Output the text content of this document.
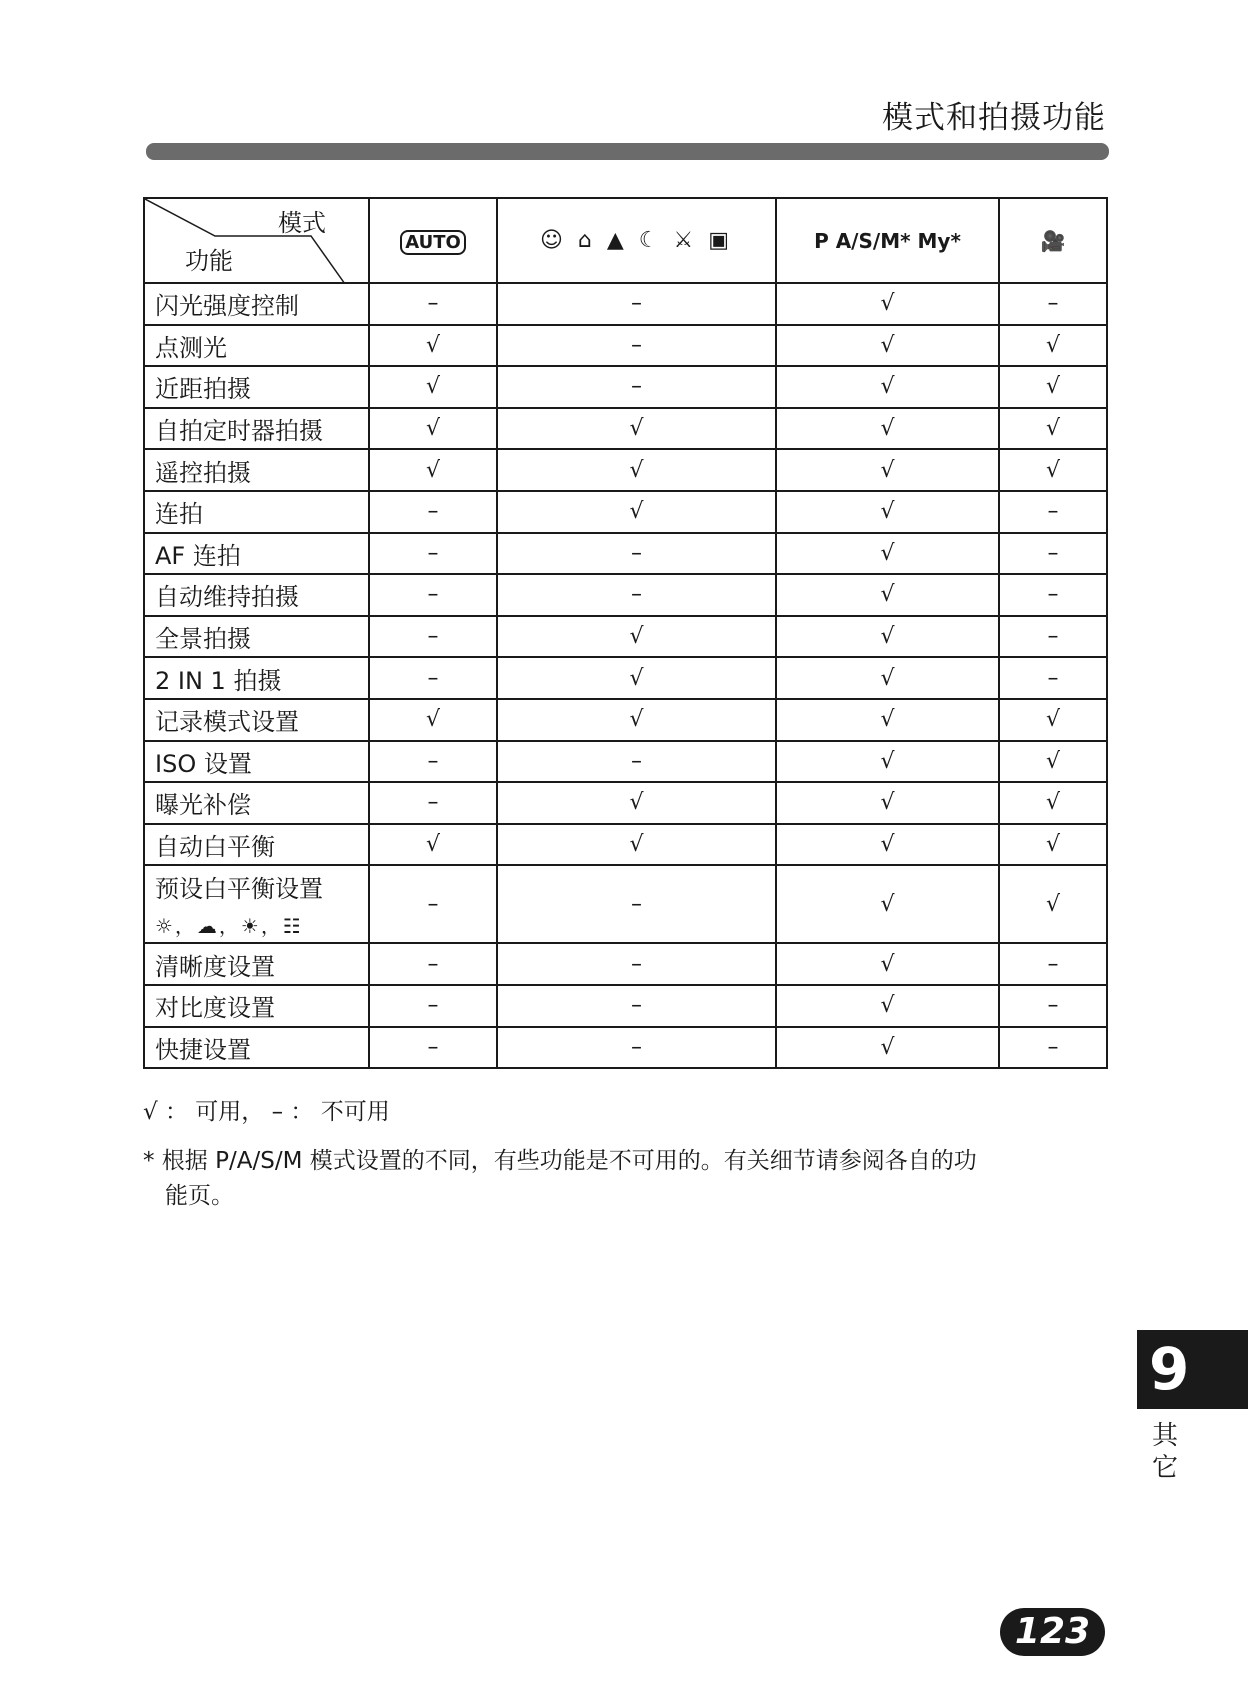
模式和拍摄功能
模式
功能	AUTO	☺ ⌂ ▲ ☾ ⚔ ▣	P A/S/M* My*	🎥
闪光强度控制	–	–	√	–
点测光	√	–	√	√
近距拍摄	√	–	√	√
自拍定时器拍摄	√	√	√	√
遥控拍摄	√	√	√	√
连拍	–	√	√	–
AF 连拍	–	–	√	–
自动维持拍摄	–	–	√	–
全景拍摄	–	√	√	–
2 IN 1 拍摄	–	√	√	–
记录模式设置	√	√	√	√
ISO 设置	–	–	√	√
曝光补偿	–	√	√	√
自动白平衡	√	√	√	√
预设白平衡设置
☼，☁，☀，☷	–	–	√	√
清晰度设置	–	–	√	–
对比度设置	–	–	√	–
快捷设置	–	–	√	–
√ ： 可用， – ： 不可用
* 根据 P/A/S/M 模式设置的不同，有些功能是不可用的。有关细节请参阅各自的功
能页。
9
其它
123
